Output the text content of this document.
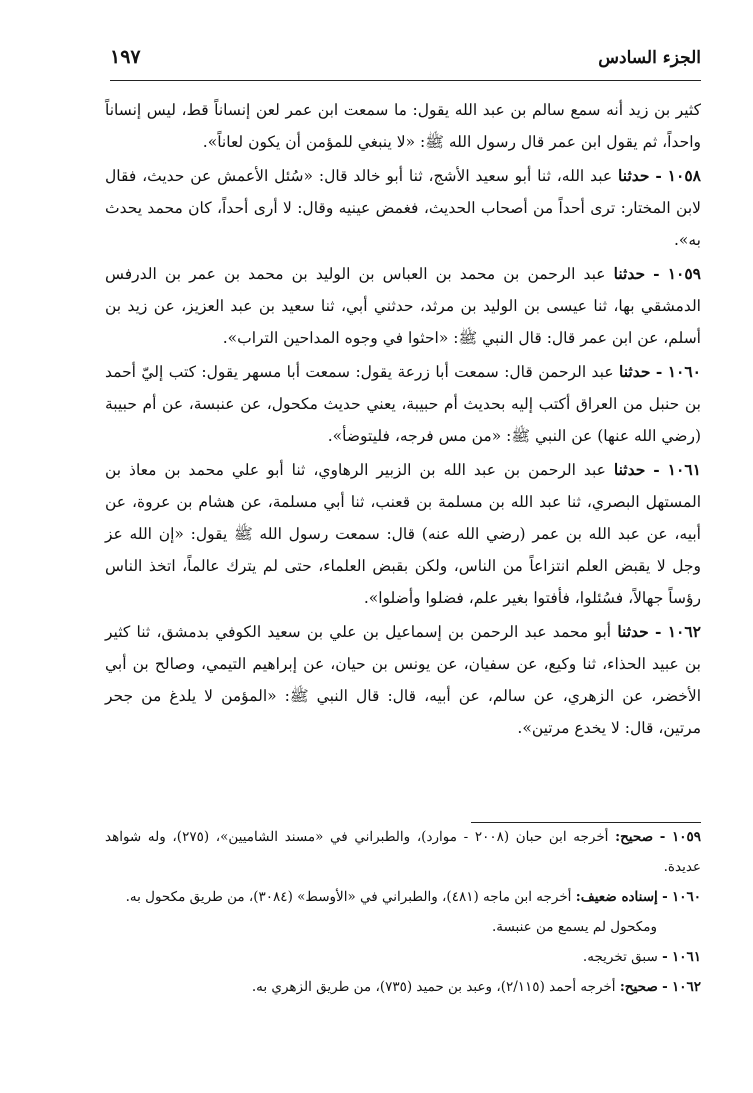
الجزء السادس
١٩٧

كثير بن زيد أنه سمع سالم بن عبد الله يقول: ما سمعت ابن عمر لعن إنساناً قط، ليس إنساناً واحداً، ثم يقول ابن عمر قال رسول الله ﷺ: «لا ينبغي للمؤمن أن يكون لعاناً».

١٠٥٨ - حدثنا عبد الله، ثنا أبو سعيد الأشج، ثنا أبو خالد قال: «سُئل الأعمش عن حديث، فقال لابن المختار: ترى أحداً من أصحاب الحديث، فغمض عينيه وقال: لا أرى أحداً، كان محمد يحدث به».

١٠٥٩ - حدثنا عبد الرحمن بن محمد بن العباس بن الوليد بن محمد بن عمر بن الدرفس الدمشقي بها، ثنا عيسى بن الوليد بن مرثد، حدثني أبي، ثنا سعيد بن عبد العزيز، عن زيد بن أسلم، عن ابن عمر قال: قال النبي ﷺ: «احثوا في وجوه المداحين التراب».

١٠٦٠ - حدثنا عبد الرحمن قال: سمعت أبا زرعة يقول: سمعت أبا مسهر يقول: كتب إليّ أحمد بن حنبل من العراق أكتب إليه بحديث أم حبيبة، يعني حديث مكحول، عن عنبسة، عن أم حبيبة (رضي الله عنها) عن النبي ﷺ: «من مس فرجه، فليتوضأ».

١٠٦١ - حدثنا عبد الرحمن بن عبد الله بن الزبير الرهاوي، ثنا أبو علي محمد بن معاذ بن المستهل البصري، ثنا عبد الله بن مسلمة بن قعنب، ثنا أبي مسلمة، عن هشام بن عروة، عن أبيه، عن عبد الله بن عمر (رضي الله عنه) قال: سمعت رسول الله ﷺ يقول: «إن الله عز وجل لا يقبض العلم انتزاعاً من الناس، ولكن بقبض العلماء، حتى لم يترك عالماً، اتخذ الناس رؤساً جهالاً، فسُئلوا، فأفتوا بغير علم، فضلوا وأضلوا».

١٠٦٢ - حدثنا أبو محمد عبد الرحمن بن إسماعيل بن علي بن سعيد الكوفي بدمشق، ثنا كثير بن عبيد الحذاء، ثنا وكيع، عن سفيان، عن يونس بن حيان، عن إبراهيم التيمي، وصالح بن أبي الأخضر، عن الزهري، عن سالم، عن أبيه، قال: قال النبي ﷺ: «المؤمن لا يلدغ من جحر مرتين، قال: لا يخدع مرتين».

١٠٥٩ - صحيح: أخرجه ابن حبان (٢٠٠٨ - موارد)، والطبراني في «مسند الشاميين»، (٢٧٥)، وله شواهد عديدة.

١٠٦٠ - إسناده ضعيف: أخرجه ابن ماجه (٤٨١)، والطبراني في «الأوسط» (٣٠٨٤)، من طريق مكحول به.

ومكحول لم يسمع من عنبسة.

١٠٦١ - سبق تخريجه.

١٠٦٢ - صحيح: أخرجه أحمد (٢/١١٥)، وعبد بن حميد (٧٣٥)، من طريق الزهري به.
